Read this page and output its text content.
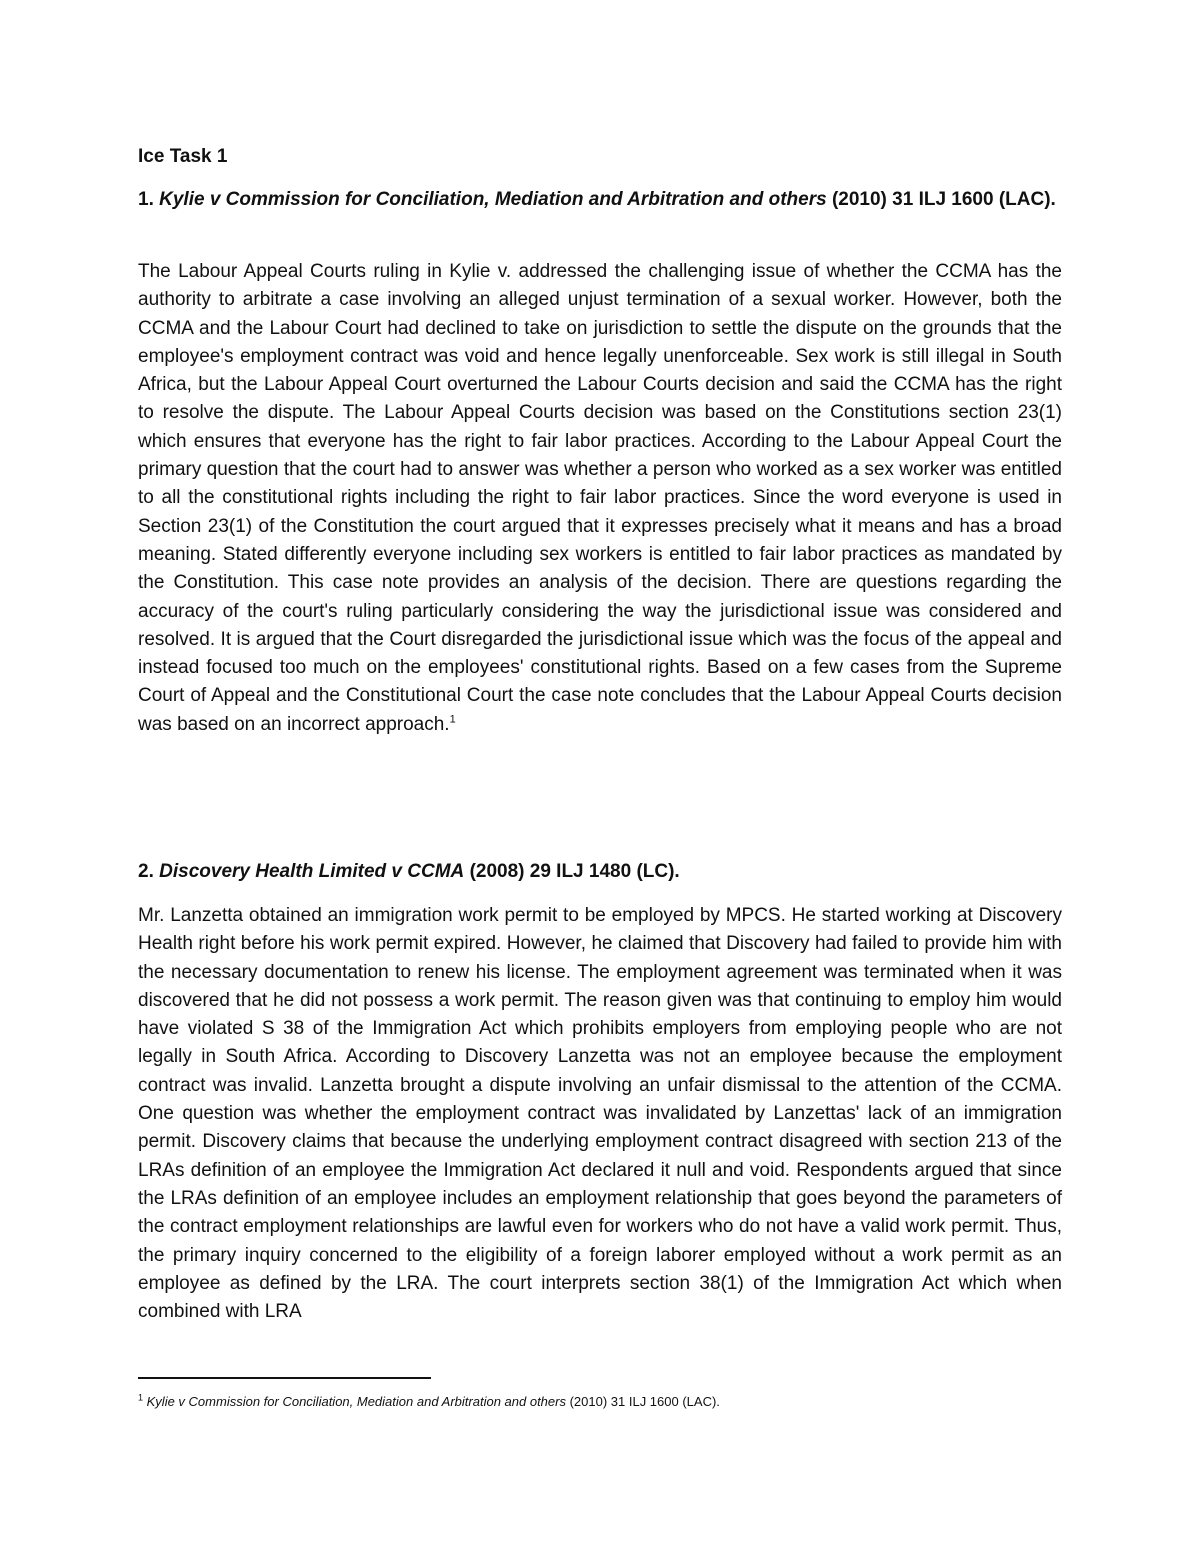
Ice Task 1

1. Kylie v Commission for Conciliation, Mediation and Arbitration and others (2010) 31 ILJ 1600 (LAC).

The Labour Appeal Courts ruling in Kylie v. addressed the challenging issue of whether the CCMA has the authority to arbitrate a case involving an alleged unjust termination of a sexual worker. However, both the CCMA and the Labour Court had declined to take on jurisdiction to settle the dispute on the grounds that the employee's employment contract was void and hence legally unenforceable. Sex work is still illegal in South Africa, but the Labour Appeal Court overturned the Labour Courts decision and said the CCMA has the right to resolve the dispute. The Labour Appeal Courts decision was based on the Constitutions section 23(1) which ensures that everyone has the right to fair labor practices. According to the Labour Appeal Court the primary question that the court had to answer was whether a person who worked as a sex worker was entitled to all the constitutional rights including the right to fair labor practices. Since the word everyone is used in Section 23(1) of the Constitution the court argued that it expresses precisely what it means and has a broad meaning. Stated differently everyone including sex workers is entitled to fair labor practices as mandated by the Constitution. This case note provides an analysis of the decision. There are questions regarding the accuracy of the court's ruling particularly considering the way the jurisdictional issue was considered and resolved. It is argued that the Court disregarded the jurisdictional issue which was the focus of the appeal and instead focused too much on the employees' constitutional rights. Based on a few cases from the Supreme Court of Appeal and the Constitutional Court the case note concludes that the Labour Appeal Courts decision was based on an incorrect approach.$^1$

2. Discovery Health Limited v CCMA (2008) 29 ILJ 1480 (LC).

Mr. Lanzetta obtained an immigration work permit to be employed by MPCS. He started working at Discovery Health right before his work permit expired. However, he claimed that Discovery had failed to provide him with the necessary documentation to renew his license. The employment agreement was terminated when it was discovered that he did not possess a work permit. The reason given was that continuing to employ him would have violated S 38 of the Immigration Act which prohibits employers from employing people who are not legally in South Africa. According to Discovery Lanzetta was not an employee because the employment contract was invalid. Lanzetta brought a dispute involving an unfair dismissal to the attention of the CCMA. One question was whether the employment contract was invalidated by Lanzettas' lack of an immigration permit. Discovery claims that because the underlying employment contract disagreed with section 213 of the LRAs definition of an employee the Immigration Act declared it null and void. Respondents argued that since the LRAs definition of an employee includes an employment relationship that goes beyond the parameters of the contract employment relationships are lawful even for workers who do not have a valid work permit. Thus, the primary inquiry concerned to the eligibility of a foreign laborer employed without a work permit as an employee as defined by the LRA. The court interprets section 38(1) of the Immigration Act which when combined with LRA

$^1$ Kylie v Commission for Conciliation, Mediation and Arbitration and others (2010) 31 ILJ 1600 (LAC).
